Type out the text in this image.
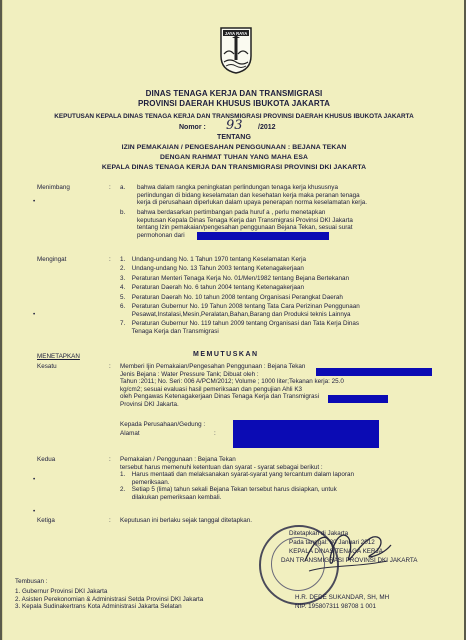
JAYA RAYA
DINAS TENAGA KERJA DAN TRANSMIGRASI
PROVINSI DAERAH KHUSUS IBUKOTA JAKARTA
KEPUTUSAN KEPALA DINAS TENAGA KERJA DAN TRANSMIGRASI PROVINSI DAERAH KHUSUS IBUKOTA JAKARTA
Nomor : 93 /2012
TENTANG
IZIN PEMAKAIAN / PENGESAHAN PENGGUNAAN : BEJANA TEKAN
DENGAN RAHMAT TUHAN YANG MAHA ESA
KEPALA DINAS TENAGA KERJA DAN TRANSMIGRASI PROVINSI DKI JAKARTA
Menimbang	: a. bahwa dalam rangka peningkatan perlindungan tenaga kerja khususnya
perlindungan di bidang keselamatan dan kesehatan kerja maka peranan tenaga
kerja di perusahaan diperlukan dalam upaya penerapan norma keselamatan kerja.
b. bahwa berdasarkan pertimbangan pada huruf a , perlu menetapkan
keputusan Kepala Dinas Tenaga Kerja dan Transmigrasi Provinsi DKI Jakarta
tentang Izin pemakaian/pengesahan penggunaan Bejana Tekan, sesuai surat
permohonan dari
Mengingat	: 1. Undang-undang No. 1 Tahun 1970 tentang Keselamatan Kerja
2. Undang-undang No. 13 Tahun 2003 tentang Ketenagakerjaan
3. Peraturan Menteri Tenaga Kerja No. 01/Men/1982 tentang Bejana Bertekanan
4. Peraturan Daerah No. 6 tahun 2004 tentang Ketenagakerjaan
5. Peraturan Daerah No. 10 tahun 2008 tentang Organisasi Perangkat Daerah
6. Peraturan Gubernur No. 19 Tahun 2008 tentang Tata Cara Perizinan Penggunaan
Pesawat,Instalasi,Mesin,Peralatan,Bahan,Barang dan Produksi teknis Lainnya
7. Peraturan Gubernur No. 119 tahun 2009 tentang Organisasi dan Tata Kerja Dinas
Tenaga Kerja dan Transmigrasi
MENETAPKAN	MEMUTUSKAN
Kesatu	: Memberi Ijin Pemakaian/Pengesahan Penggunaan : Bejana Tekan
Jenis Bejana : Water Pressure Tank; Dibuat oleh :
Tahun :2011; No. Seri: 006 A/PCM/2012; Volume ; 1000 liter;Tekanan kerja: 25.0
kg/cm2; sesuai evaluasi hasil pemeriksaan dan pengujian Ahli K3
oleh Pengawas Ketenagakerjaan Dinas Tenaga Kerja dan Transmigrasi
Provinsi DKI Jakarta.
Kepada Perusahaan/Gedung :
Alamat	:
Kedua	: Pemakaian / Penggunaan : Bejana Tekan
tersebut harus memenuhi ketentuan dan syarat - syarat sebagai berikut :
1. Harus mentaati dan melaksanakan syarat-syarat yang tercantum dalam laporan
pemeriksaan.
2. Setiap 5 (lima) tahun sekali Bejana Tekan tersebut harus disiapkan, untuk
dilakukan pemeriksaan kembali.
Ketiga	: Keputusan ini berlaku sejak tanggal ditetapkan.
Ditetapkan di Jakarta
Pada tanggal: 30 Januari 2012
KEPALA DINAS TENAGA KERJA
DAN TRANSMIGRASI PROVINSI DKI JAKARTA
H.R. DEDE SUKANDAR, SH, MH
NIP. 195807311 98708 1 001
Tembusan :
1. Gubernur Provinsi DKI Jakarta
2. Asisten Perekonomian & Administrasi Setda Provinsi DKI Jakarta
3. Kepala Sudinakertrans Kota Administrasi Jakarta Selatan
•
•
•
•
